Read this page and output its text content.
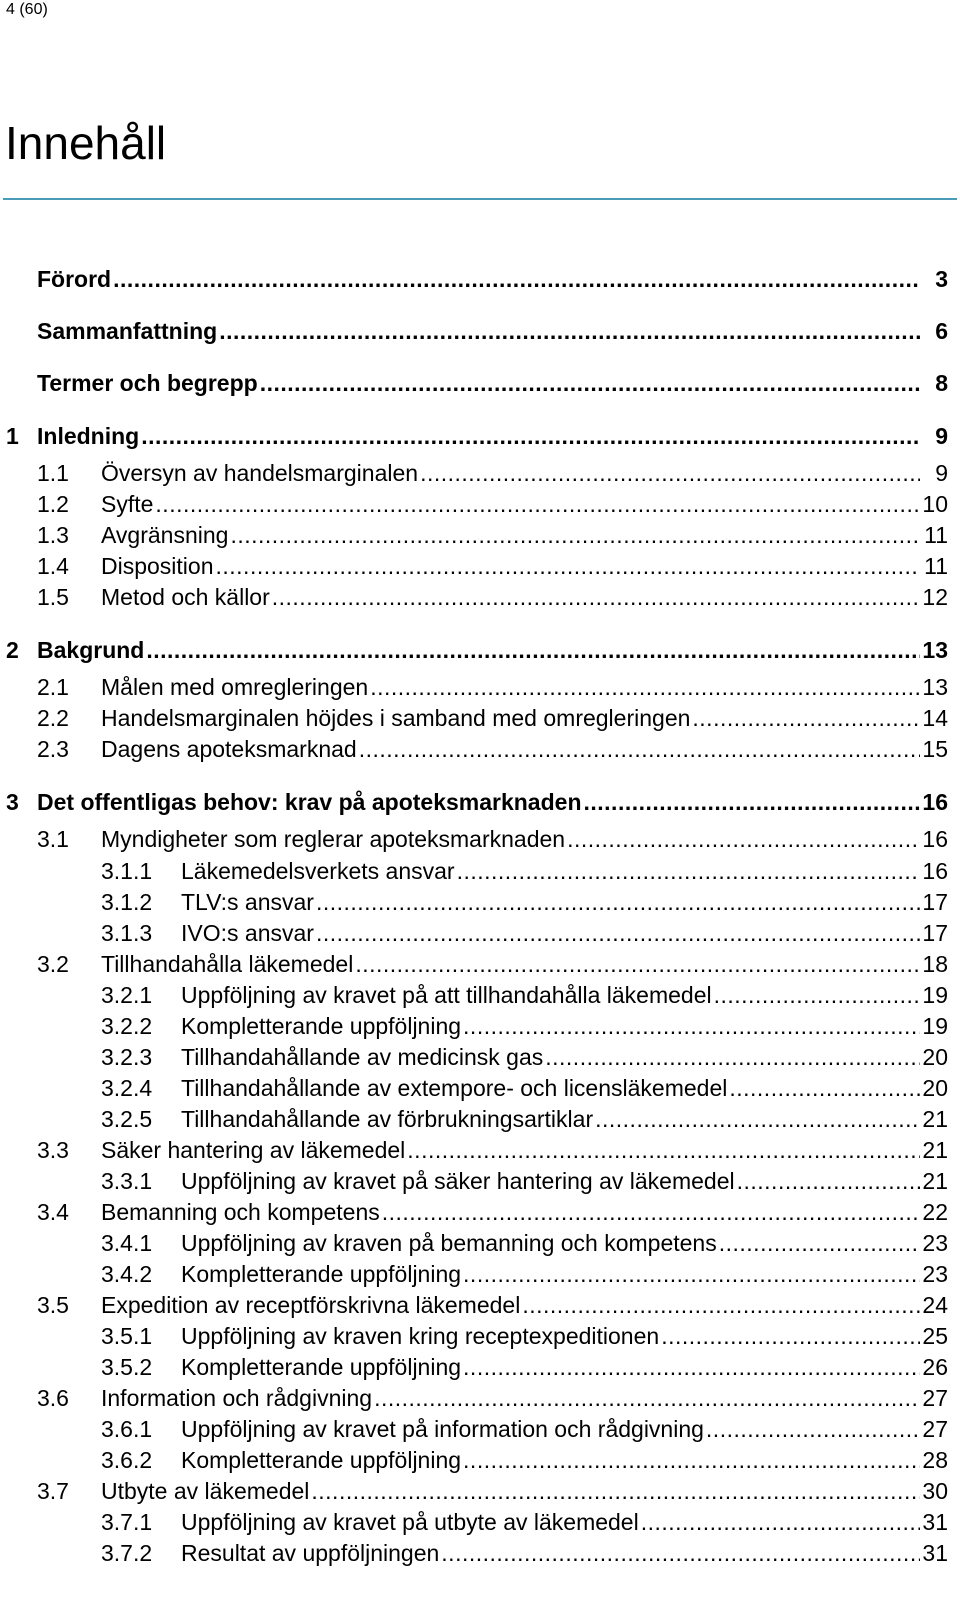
4 (60)
Innehåll
Förord .....	3
Sammanfattning .....	6
Termer och begrepp .....	8
1 Inledning .....	9
1.1	Översyn av handelsmarginalen .....	9
1.2	Syfte .....	10
1.3	Avgränsning .....	11
1.4	Disposition .....	11
1.5	Metod och källor .....	12
2 Bakgrund .....	13
2.1	Målen med omregleringen .....	13
2.2	Handelsmarginalen höjdes i samband med omregleringen .....	14
2.3	Dagens apoteksmarknad .....	15
3 Det offentligas behov: krav på apoteksmarknaden .....	16
3.1	Myndigheter som reglerar apoteksmarknaden .....	16
3.1.1	Läkemedelsverkets ansvar .....	16
3.1.2	TLV:s ansvar .....	17
3.1.3	IVO:s ansvar .....	17
3.2	Tillhandahålla läkemedel .....	18
3.2.1	Uppföljning av kravet på att tillhandahålla läkemedel .....	19
3.2.2	Kompletterande uppföljning .....	19
3.2.3	Tillhandahållande av medicinsk gas .....	20
3.2.4	Tillhandahållande av extempore- och licensläkemedel .....	20
3.2.5	Tillhandahållande av förbrukningsartiklar .....	21
3.3	Säker hantering av läkemedel .....	21
3.3.1	Uppföljning av kravet på säker hantering av läkemedel .....	21
3.4	Bemanning och kompetens .....	22
3.4.1	Uppföljning av kraven på bemanning och kompetens .....	23
3.4.2	Kompletterande uppföljning .....	23
3.5	Expedition av receptförskrivna läkemedel .....	24
3.5.1	Uppföljning av kraven kring receptexpeditionen .....	25
3.5.2	Kompletterande uppföljning .....	26
3.6	Information och rådgivning .....	27
3.6.1	Uppföljning av kravet på information och rådgivning .....	27
3.6.2	Kompletterande uppföljning .....	28
3.7	Utbyte av läkemedel .....	30
3.7.1	Uppföljning av kravet på utbyte av läkemedel .....	31
3.7.2	Resultat av uppföljningen .....	31
